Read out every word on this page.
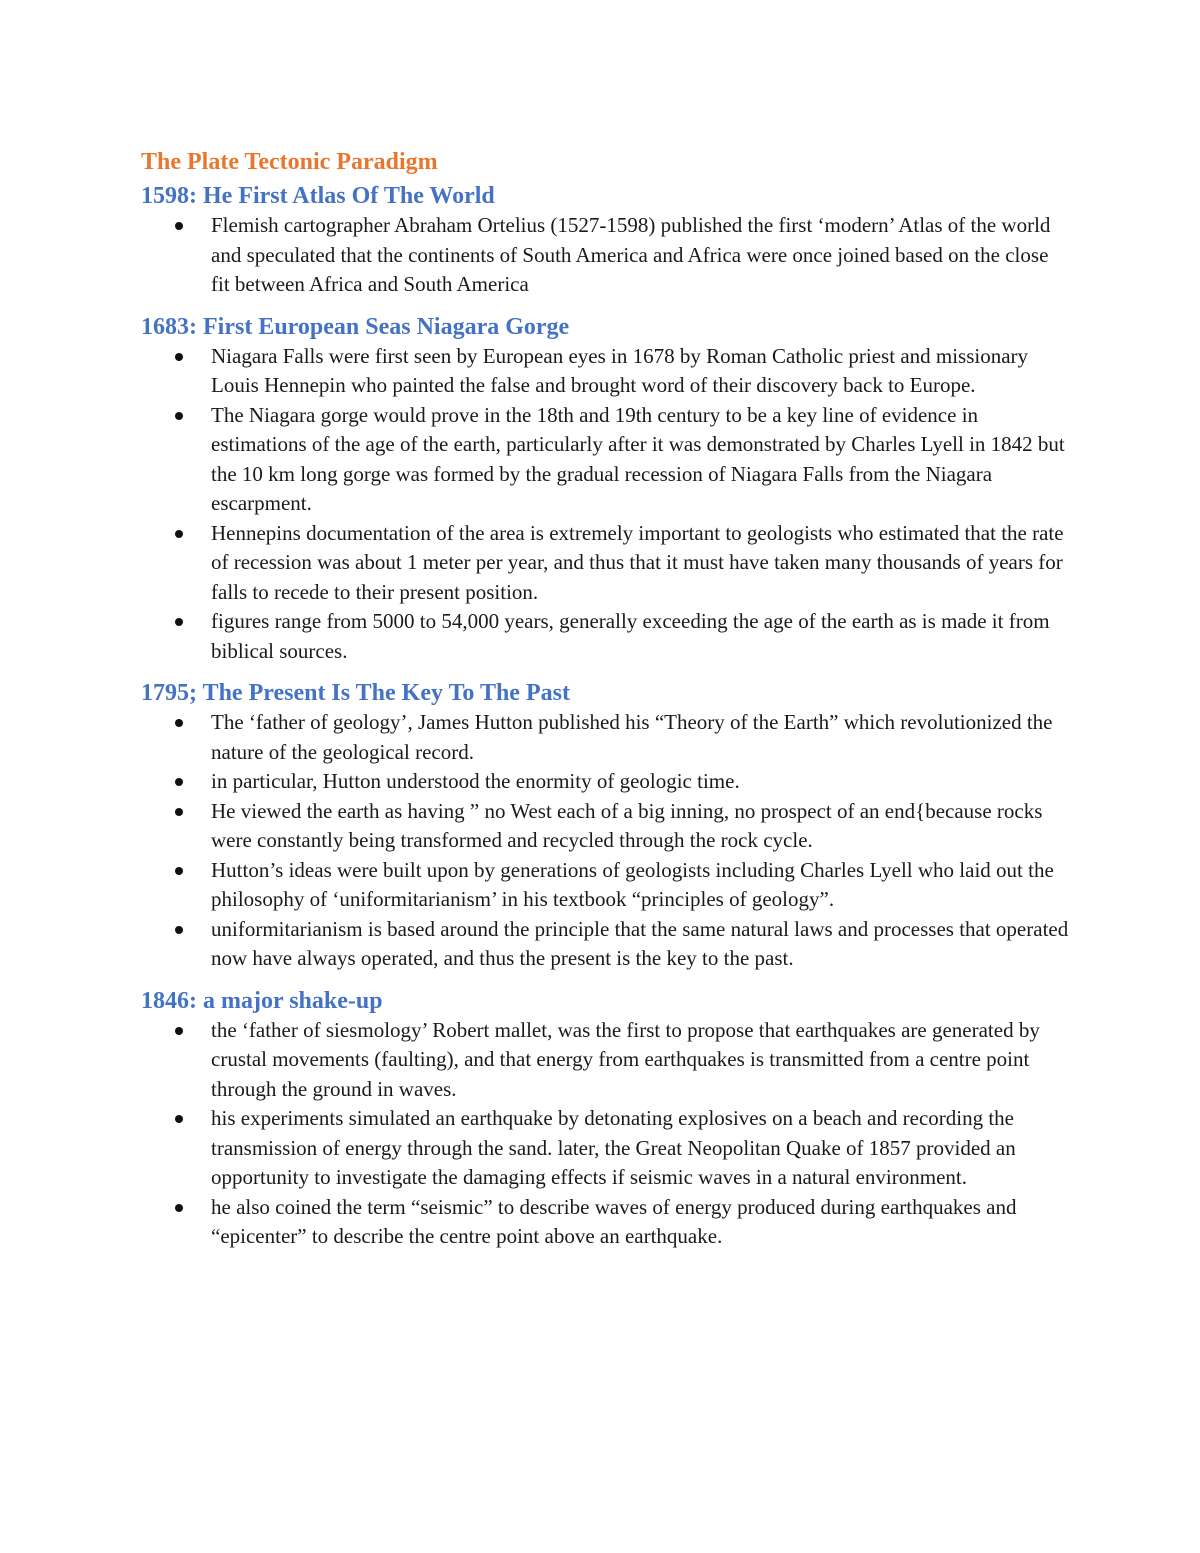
The Plate Tectonic Paradigm
1598: He First Atlas Of The World
Flemish cartographer Abraham Ortelius (1527-1598) published the first ‘modern’ Atlas of the world and speculated that the continents of South America and Africa were once joined based on the close fit between Africa and South America
1683: First European Seas Niagara Gorge
Niagara Falls were first seen by European eyes in 1678 by Roman Catholic priest and missionary Louis Hennepin who painted the false and brought word of their discovery back to Europe.
The Niagara gorge would prove in the 18th and 19th century to be a key line of evidence in estimations of the age of the earth, particularly after it was demonstrated by Charles Lyell in 1842 but the 10 km long gorge was formed by the gradual recession of Niagara Falls from the Niagara escarpment.
Hennepins documentation of the area is extremely important to geologists who estimated that the rate of recession was about 1 meter per year, and thus that it must have taken many thousands of years for falls to recede to their present position.
figures range from 5000 to 54,000 years, generally exceeding the age of the earth as is made it from biblical sources.
1795; The Present Is The Key To The Past
The ‘father of geology’, James Hutton published his “Theory of the Earth” which revolutionized the nature of the geological record.
in particular, Hutton understood the enormity of geologic time.
He viewed the earth as having ” no West each of a big inning, no prospect of an end{because rocks were constantly being transformed and recycled through the rock cycle.
Hutton’s ideas were built upon by generations of geologists including Charles Lyell who laid out the philosophy of ‘uniformitarianism’ in his textbook “principles of geology”.
uniformitarianism is based around the principle that the same natural laws and processes that operated now have always operated, and thus the present is the key to the past.
1846: a major shake-up
the ‘father of siesmology’ Robert mallet, was the first to propose that earthquakes are generated by crustal movements (faulting), and that energy from earthquakes is transmitted from a centre point through the ground in waves.
his experiments simulated an earthquake by detonating explosives on a beach and recording the transmission of energy through the sand. later, the Great Neopolitan Quake of 1857 provided an opportunity to investigate the damaging effects if seismic waves in a natural environment.
he also coined the term “seismic” to describe waves of energy produced during earthquakes and “epicenter” to describe the centre point above an earthquake.
